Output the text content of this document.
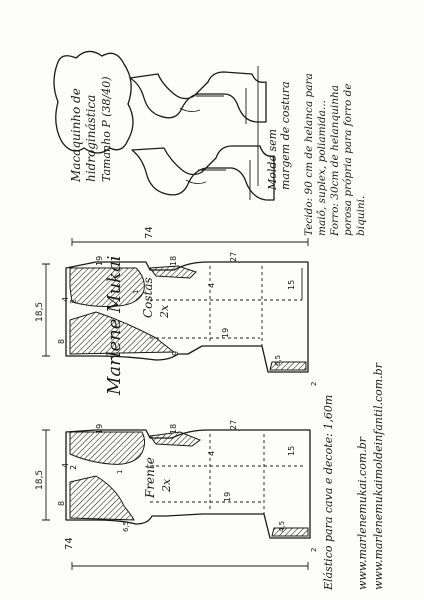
Macaquinho de hidroginástica Tamanho P (38/40)	Molde sem margem de costura Tecido: 90 cm de helanca para maiô, suplex, poliamida... Forro: 30cm de helanquinha porosa própria para forro de biquini.
74
18,5
19	18	27
15
4 2
8
4
19
9
6,5
2
1 Costas 2x
Marlene Mukai
74
18,5
19	18	27
15
4 2
8
4
19
6,5	4,5
2
1 Frente 2x	Elástico para cava e decote: 1,60m www.marlenemukai.com.br www.marlenemukaimoldeinfantil.com.br
